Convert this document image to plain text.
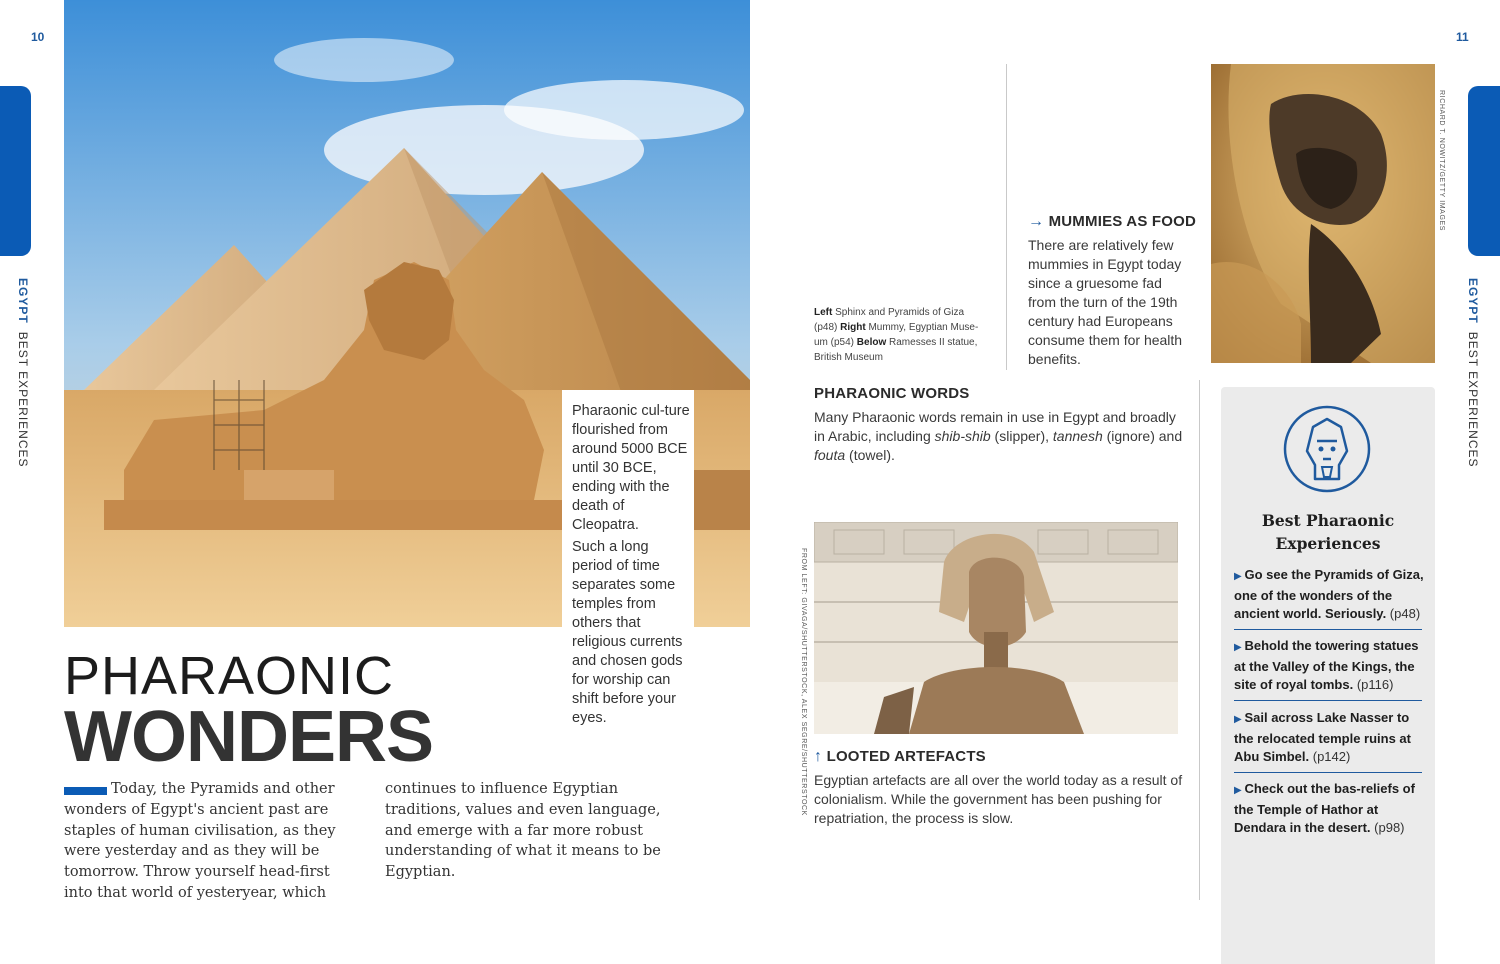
10
EGYPTBEST EXPERIENCES	Pharaonic cul-ture flourished from around 5000 BCE until 30 BCE, ending with the death of Cleopatra.
Such a long period of time separates some temples from others that religious currents and chosen gods for worship can shift before your eyes.
PHARAONIC
WONDERS
Today, the Pyramids and other wonders of Egypt's ancient past are staples of human civilisation, as they were yesterday and as they will be tomorrow. Throw yourself head-first into that world of yesteryear, which
continues to influence Egyptian traditions, values and even language, and emerge with a far more robust understanding of what it means to be Egyptian.
11
EGYPTBEST EXPERIENCES
Left Sphinx and Pyramids of Giza (p48) Right Mummy, Egyptian Muse-um (p54) Below Ramesses II statue, British Museum
→ MUMMIES AS FOOD
There are relatively few mummies in Egypt today since a gruesome fad from the turn of the 19th century had Europeans consume them for health benefits.
RICHARD T. NOWITZ/GETTY IMAGES
PHARAONIC WORDS
Many Pharaonic words remain in use in Egypt and broadly in Arabic, including shib-shib (slipper), tannesh (ignore) and fouta (towel).
FROM LEFT: GIVAGA/SHUTTERSTOCK, ALEX SEGRE/SHUTTERSTOCK ↑ LOOTED ARTEFACTS
Egyptian artefacts are all over the world today as a result of colonialism. While the government has been pushing for repatriation, the process is slow.
Best Pharaonic
Experiences
▶ Go see the Pyramids of Giza, one of the wonders of the ancient world. Seriously. (p48)
▶ Behold the towering statues at the Valley of the Kings, the site of royal tombs. (p116)
▶ Sail across Lake Nasser to the relocated temple ruins at Abu Simbel. (p142)
▶ Check out the bas-reliefs of the Temple of Hathor at Dendara in the desert. (p98)
